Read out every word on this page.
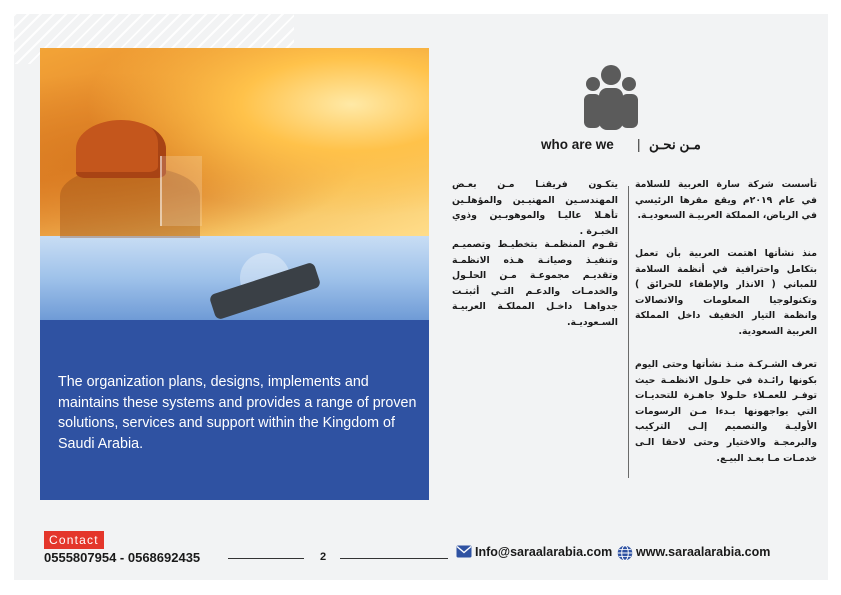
The organization plans, designs, implements and maintains these systems and provides a range of proven solutions, services and support within the Kingdom of Saudi Arabia.

who are we | مـن نحـن

تأسست شركة سارة العربية للسلامة في عام ٢٠١٩م ويقع مقرها الرئيسي في الرياض، المملكة العربيـة السعوديـة.

منذ نشأتها اهتمت العربية بأن تعمل بتكامل واحترافية في أنظمة السلامة للمباني ( الانذار والإطفاء للحرائق ) وتكنولوجيا المعلومات والاتصالات وانظمة التيار الخفيف داخل المملكة العربية السعودية.

تعرف الشـركـة منـذ نشأتها وحتى اليوم بكونها رائـدة في حلـول الانظمـة حيث توفـر للعمـلاء حلـولا جاهـزة للتحديـات التي يواجهونها بـدءا مـن الرسومات الأوليـة والتصميم إلـى التركيب والبرمجـة والاختيار وحتى لاحقا الـى خدمـات مـا بعـد البيـع.

يتكـون فريقنـا مـن بعـض المهندسـين المهنيـين والمؤهلـين تأهـلا عاليـا والموهوبـين وذوي الخبـرة .

تقـوم المنظمـة بتخطيـط وتصميـم وتنفيـذ وصيانـة هـذه الانظمـة وتقديـم مجموعـة مـن الحلـول والخدمـات والدعـم التـي أثبتـت جدواهـا داخـل المملكـة العربيـة السـعوديـة.

Contact
0555807954 - 0568692435	2	Info@saraalarabia.com www.saraalarabia.com
